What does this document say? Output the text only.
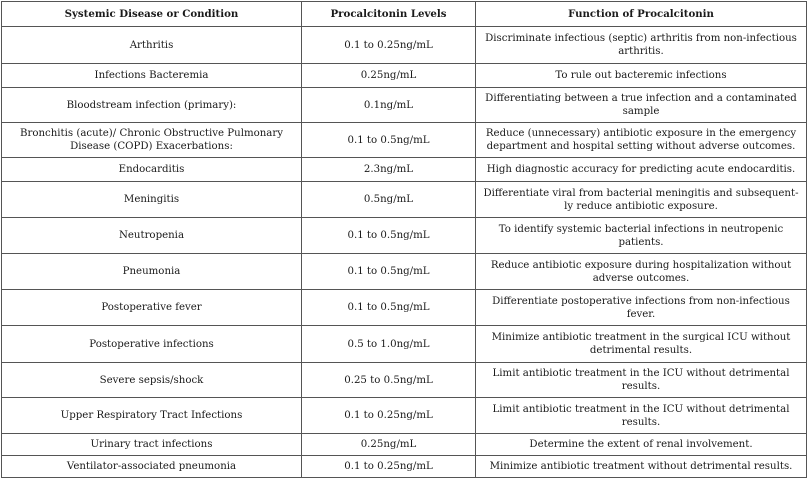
Systemic Disease or Condition	Procalcitonin Levels	Function of Procalcitonin
Arthritis	0.1 to 0.25ng/mL	Discriminate infectious (septic) arthritis from non-infectious arthritis.
Infections Bacteremia	0.25ng/mL	To rule out bacteremic infections
Bloodstream infection (primary):	0.1ng/mL	Differentiating between a true infection and a contaminated sample
Bronchitis (acute)/ Chronic Obstructive Pulmonary Disease (COPD) Exacerbations:	0.1 to 0.5ng/mL	Reduce (unnecessary) antibiotic exposure in the emergency department and hospital setting without adverse outcomes.
Endocarditis	2.3ng/mL	High diagnostic accuracy for predicting acute endocarditis.
Meningitis	0.5ng/mL	Differentiate viral from bacterial meningitis and subsequent-ly reduce antibiotic exposure.
Neutropenia	0.1 to 0.5ng/mL	To identify systemic bacterial infections in neutropenic patients.
Pneumonia	0.1 to 0.5ng/mL	Reduce antibiotic exposure during hospitalization without adverse outcomes.
Postoperative fever	0.1 to 0.5ng/mL	Differentiate postoperative infections from non-infectious fever.
Postoperative infections	0.5 to 1.0ng/mL	Minimize antibiotic treatment in the surgical ICU without detrimental results.
Severe sepsis/shock	0.25 to 0.5ng/mL	Limit antibiotic treatment in the ICU without detrimental results.
Upper Respiratory Tract Infections	0.1 to 0.25ng/mL	Limit antibiotic treatment in the ICU without detrimental results.
Urinary tract infections	0.25ng/mL	Determine the extent of renal involvement.
Ventilator-associated pneumonia	0.1 to 0.25ng/mL	Minimize antibiotic treatment without detrimental results.
